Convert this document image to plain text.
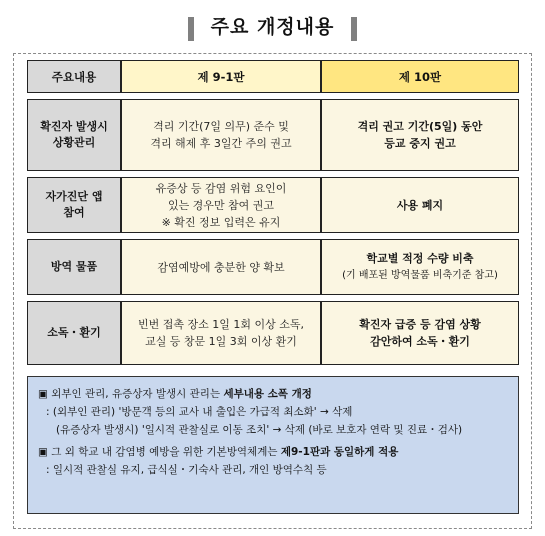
주요 개정내용
주요내용	제 9-1판	제 10판

확진자 발생시
상황관리	격리 기간(7일 의무) 준수 및
격리 해제 후 3일간 주의 권고	격리 권고 기간(5일) 동안
등교 중지 권고

자가진단 앱
참여	유증상 등 감염 위험 요인이
있는 경우만 참여 권고
※ 확진 정보 입력은 유지	사용 폐지

방역 물품	감염예방에 충분한 양 확보	학교별 적정 수량 비축
(기 배포된 방역물품 비축기준 참고)

소독・환기	빈번 접촉 장소 1일 1회 이상 소독,
교실 등 창문 1일 3회 이상 환기	확진자 급증 등 감염 상황
감안하여 소독・환기
▣ 외부인 관리, 유증상자 발생시 관리는 세부내용 소폭 개정
: (외부인 관리) '방문객 등의 교사 내 출입은 가급적 최소화' → 삭제
(유증상자 발생시) '일시적 관찰실로 이동 조치' → 삭제 (바로 보호자 연락 및 진료・검사)
▣ 그 외 학교 내 감염병 예방을 위한 기본방역체계는 제9-1판과 동일하게 적용
: 일시적 관찰실 유지, 급식실・기숙사 관리, 개인 방역수칙 등
